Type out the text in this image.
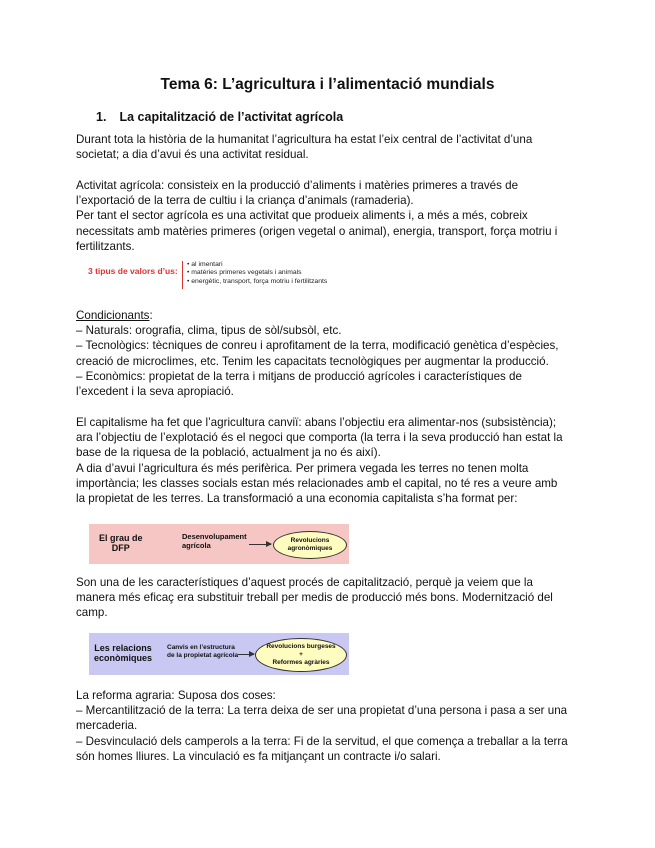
Tema 6: L’agricultura i l’alimentació mundials
1. La capitalització de l’activitat agrícola
Durant tota la història de la humanitat l’agricultura ha estat l’eix central de l’activitat d’una
societat; a dia d’avui és una activitat residual.
Activitat agrícola: consisteix en la producció d’aliments i matèries primeres a través de
l’exportació de la terra de cultiu i la criança d’animals (ramaderia).
Per tant el sector agrícola es una activitat que produeix aliments i, a més a més, cobreix
necessitats amb matèries primeres (origen vegetal o animal), energia, transport, força motriu i
fertilitzants.
3 tipus de valors d’us:
• al imentari
• matèries primeres vegetals i animals
• energètic, transport, força motriu i fertilitzants
Condicionants:
– Naturals: orografia, clima, tipus de sòl/subsòl, etc.
– Tecnològics: tècniques de conreu i aprofitament de la terra, modificació genètica d’espècies,
creació de microclimes, etc. Tenim les capacitats tecnològiques per augmentar la producció.
– Econòmics: propietat de la terra i mitjans de producció agrícoles i característiques de
l’excedent i la seva apropiació.
El capitalisme ha fet que l’agricultura canviï: abans l’objectiu era alimentar-nos (subsistència);
ara l’objectiu de l’explotació és el negoci que comporta (la terra i la seva producció han estat la
base de la riquesa de la població, actualment ja no és així).
A dia d’avui l’agricultura és més perifèrica. Per primera vegada les terres no tenen molta
importància; les classes socials estan més relacionades amb el capital, no té res a veure amb
la propietat de les terres. La transformació a una economia capitalista s’ha format per:
El grau de
DFP
Desenvolupament
agrícola
Revolucions
agronòmiques
Son una de les característiques d’aquest procés de capitalització, perquè ja veiem que la
manera més eficaç era substituir treball per medis de producció més bons. Modernització del
camp.
Les relacions
econòmiques
Canvis en l’estructura
de la propietat agrícola
Revolucions burgeses
+
Reformes agràries
La reforma agraria: Suposa dos coses:
– Mercantilització de la terra: La terra deixa de ser una propietat d’una persona i pasa a ser una
mercaderia.
– Desvinculació dels camperols a la terra: Fi de la servitud, el que comença a treballar a la terra
són homes lliures. La vinculació es fa mitjançant un contracte i/o salari.
